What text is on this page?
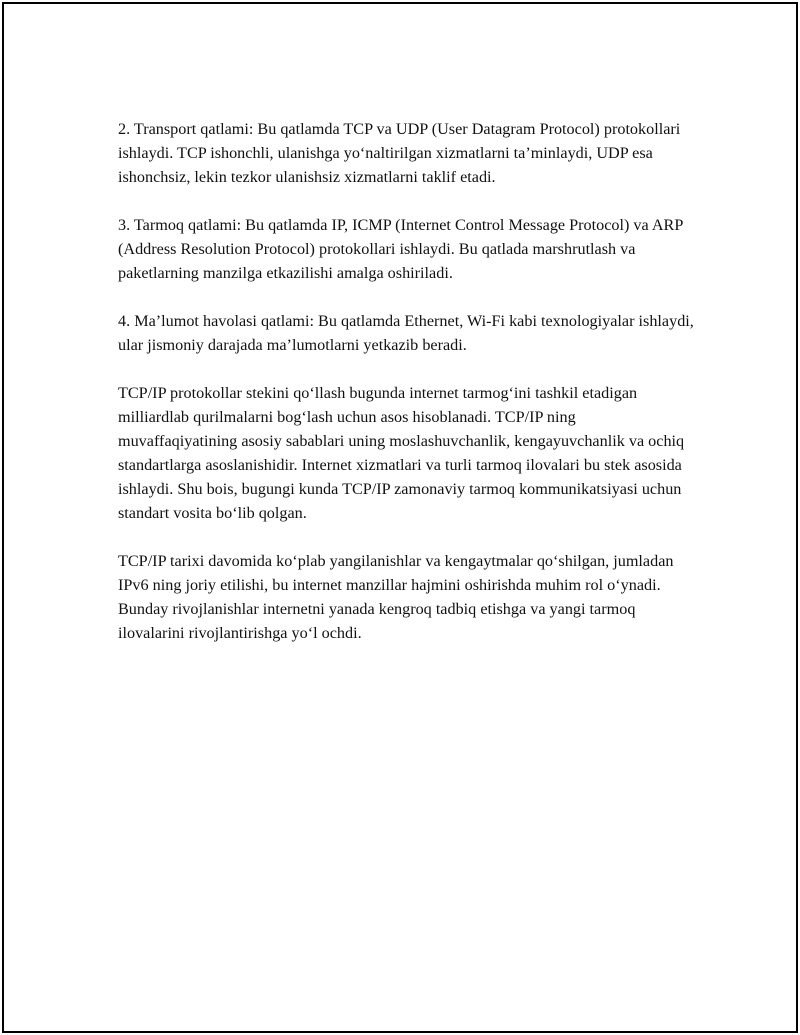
2. Transport qatlami: Bu qatlamda TCP va UDP (User Datagram Protocol) protokollari ishlaydi. TCP ishonchli, ulanishga yo‘naltirilgan xizmatlarni ta’minlaydi, UDP esa ishonchsiz, lekin tezkor ulanishsiz xizmatlarni taklif etadi.

3. Tarmoq qatlami: Bu qatlamda IP, ICMP (Internet Control Message Protocol) va ARP (Address Resolution Protocol) protokollari ishlaydi. Bu qatlada marshrutlash va paketlarning manzilga etkazilishi amalga oshiriladi.

4. Ma’lumot havolasi qatlami: Bu qatlamda Ethernet, Wi-Fi kabi texnologiyalar ishlaydi, ular jismoniy darajada ma’lumotlarni yetkazib beradi.

TCP/IP protokollar stekini qo‘llash bugunda internet tarmog‘ini tashkil etadigan milliardlab qurilmalarni bog‘lash uchun asos hisoblanadi. TCP/IP ning muvaffaqiyatining asosiy sabablari uning moslashuvchanlik, kengayuvchanlik va ochiq standartlarga asoslanishidir. Internet xizmatlari va turli tarmoq ilovalari bu stek asosida ishlaydi. Shu bois, bugungi kunda TCP/IP zamonaviy tarmoq kommunikatsiyasi uchun standart vosita bo‘lib qolgan.

TCP/IP tarixi davomida ko‘plab yangilanishlar va kengaytmalar qo‘shilgan, jumladan IPv6 ning joriy etilishi, bu internet manzillar hajmini oshirishda muhim rol o‘ynadi. Bunday rivojlanishlar internetni yanada kengroq tadbiq etishga va yangi tarmoq ilovalarini rivojlantirishga yo‘l ochdi.
